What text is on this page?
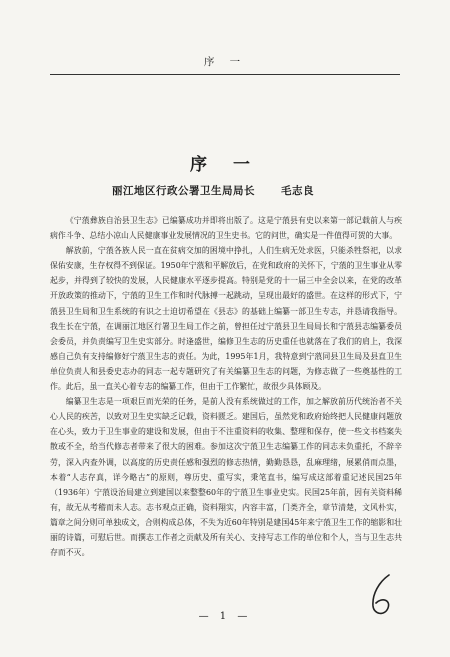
序 一
序 一
丽江地区行政公署卫生局局长 毛志良

《宁蒗彝族自治县卫生志》已编纂成功并即将出版了。这是宁蒗县有史以来第一部记载前人与疾病作斗争、总结小凉山人民健康事业发展情况的卫生史书。它的问世，确实是一件值得可贺的大事。

解放前，宁蒗各族人民一直在贫病交加的困境中挣扎，人们生病无处求医，只能杀牲祭祀，以求保佑安康，生存权得不到保证。1950年宁蒗和平解放后，在党和政府的关怀下，宁蒗的卫生事业从零起步，并得到了较快的发展，人民健康水平逐步提高。特别是党的十一届三中全会以来，在党的改革开放政策的推动下，宁蒗的卫生工作和时代脉搏一起跳动，呈现出最好的盛世。在这样的形式下，宁蒗县卫生局和卫生系统的有识之士迫切希望在《县志》的基础上编纂一部卫生专志，并恳请我指导。我生长在宁蒗，在调丽江地区行署卫生局工作之前，曾担任过宁蒗县卫生局局长和宁蒗县志编纂委员会委员，并负责编写卫生史实部分。时逢盛世，编修卫生志的历史重任也就落在了我们的肩上，我深感自己负有支持编修好宁蒗卫生志的责任。为此，1995年1月，我特意到宁蒗同县卫生局及县直卫生单位负责人和县委史志办的同志一起专题研究了有关编纂卫生志的问题，为修志做了一些奠基性的工作。此后，虽一直关心着专志的编纂工作，但由于工作繁忙，故很少具体顾及。

编纂卫生志是一项艰巨而光荣的任务，是前人没有系统做过的工作，加之解放前历代统治者不关心人民的疾苦，以致对卫生史实缺乏记载，资料匮乏。建国后，虽然党和政府始终把人民健康问题放在心头，致力于卫生事业的建设和发展，但由于不注重资料的收集、整理和保存，使一些文书档案失散或不全，给当代修志者带来了很大的困难。参加这次宁蒗卫生志编纂工作的同志未负重托，不辞辛劳，深入内查外调，以高度的历史责任感和强烈的修志热情，勤勤恳恳，乱麻理绪，展累俏而点墨，本着“人志存真，详今略古”的原则，尊历史、重写实，秉笔直书，编写成这部着重记述民国25年（1936年）宁蒗设治局建立到建国以来整整60年的宁蒗卫生事业史实。民国25年前，因有关资料稀有，故无从考稽而未人志。志书观点正确，资料翔实，内容丰富，门类齐全，章节清楚，文风朴实，篇章之间分则可单独成文，合则构成总体，不失为近60年特别是建国45年来宁蒗卫生工作的缩影和壮丽的诗篇，可慰后世。而撰志工作者之贡献及所有关心、支持写志工作的单位和个人，当与卫生志共存而不灭。

— 1 —
